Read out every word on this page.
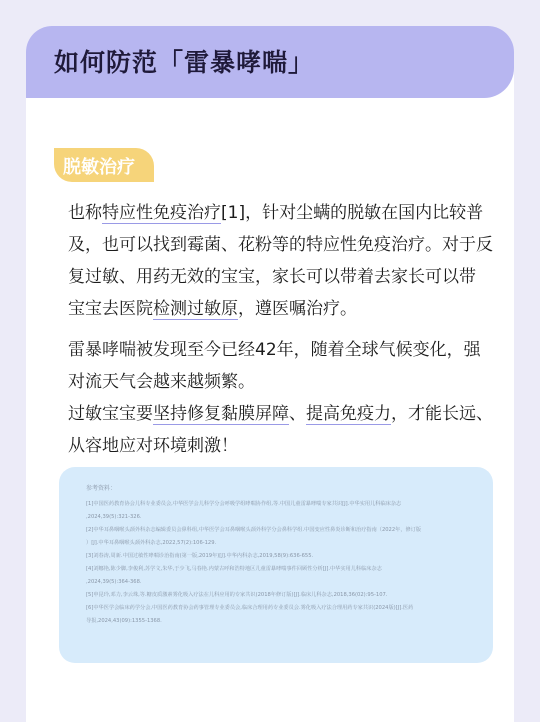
如何防范「雷暴哮喘」
脱敏治疗
也称特应性免疫治疗[1]，针对尘螨的脱敏在国内比较普
及，也可以找到霉菌、花粉等的特应性免疫治疗。对于反
复过敏、用药无效的宝宝，家长可以带着去家长可以带
宝宝去医院检测过敏原，遵医嘱治疗。
雷暴哮喘被发现至今已经42年，随着全球气候变化，强
对流天气会越来越频繁。
过敏宝宝要坚持修复黏膜屏障、提高免疫力，才能长远、
从容地应对环境刺激！
参考资料：
[1]中国医药教育协会儿科专业委员会,中华医学会儿科学分会呼吸学组哮喘协作组,等.中国儿童雷暴哮喘专家共识[J].中华实用儿科临床杂志
,2024,39(5):321-326.
[2]中华耳鼻咽喉头颈外科杂志编辑委员会鼻科组,中华医学会耳鼻咽喉头颈外科学分会鼻科学组.中国变应性鼻炎诊断和治疗指南（2022年，修订版
）[J].中华耳鼻咽喉头颈外科杂志,2022,57(2):106-129.
[3]刘春涛,周新.中国过敏性哮喘诊治指南(第一版,2019年)[J].中华内科杂志,2019,58(9):636-655.
[4]刘娜艳,陈少脚,李俊利,苏学文,朱华,于少飞,马春艳.内蒙古呼和浩特地区儿童雷暴哮喘事件回顾性分析[J].中华实用儿科临床杂志
,2024,39(5):364-368.
[5]申昆玲,邓力,李云珠,等.糖皮质激素雾化吸入疗法在儿科应用的专家共识(2018年修订版)[J].临床儿科杂志,2018,36(02):95-107.
[6]中华医学会临床药学分会,中国医药教育协会药事管理专业委员会,临床合理用药专业委员会.雾化吸入疗法合理用药专家共识(2024版)[J].医药
导报,2024,43(09):1355-1368.
